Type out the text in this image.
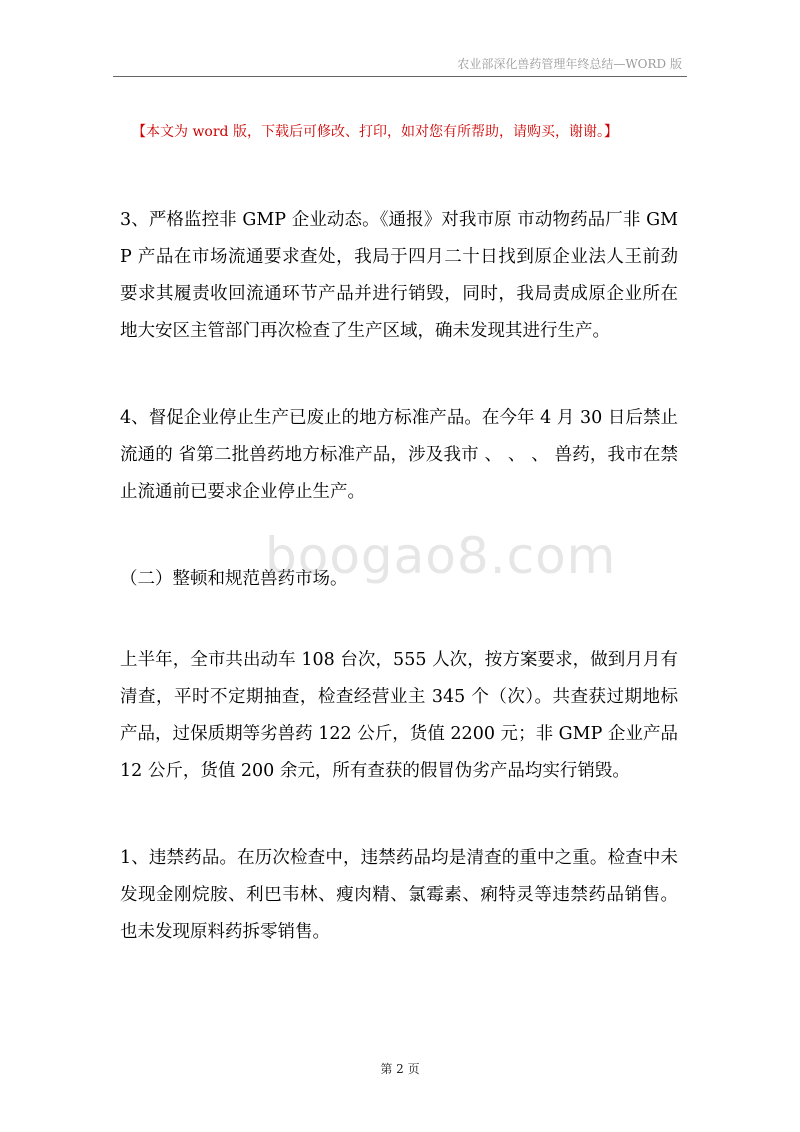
农业部深化兽药管理年终总结—WORD 版
【本文为 word 版，下载后可修改、打印，如对您有所帮助，请购买，谢谢。】

3、严格监控非 GMP 企业动态。《通报》对我市原 市动物药品厂非 GMP 产品在市场流通要求查处，我局于四月二十日找到原企业法人王前劲要求其履责收回流通环节产品并进行销毁，同时，我局责成原企业所在地大安区主管部门再次检查了生产区域，确未发现其进行生产。

4、督促企业停止生产已废止的地方标准产品。在今年 4 月 30 日后禁止流通的 省第二批兽药地方标准产品，涉及我市 、 、 、 兽药，我市在禁止流通前已要求企业停止生产。

（二）整顿和规范兽药市场。

上半年，全市共出动车 108 台次，555 人次，按方案要求，做到月月有清查，平时不定期抽查，检查经营业主 345 个（次）。共查获过期地标产品，过保质期等劣兽药 122 公斤，货值 2200 元；非 GMP 企业产品 12 公斤，货值 200 余元，所有查获的假冒伪劣产品均实行销毁。

1、违禁药品。在历次检查中，违禁药品均是清查的重中之重。检查中未发现金刚烷胺、利巴韦林、瘦肉精、氯霉素、痢特灵等违禁药品销售。也未发现原料药拆零销售。

boogao8.com
第 2 页
